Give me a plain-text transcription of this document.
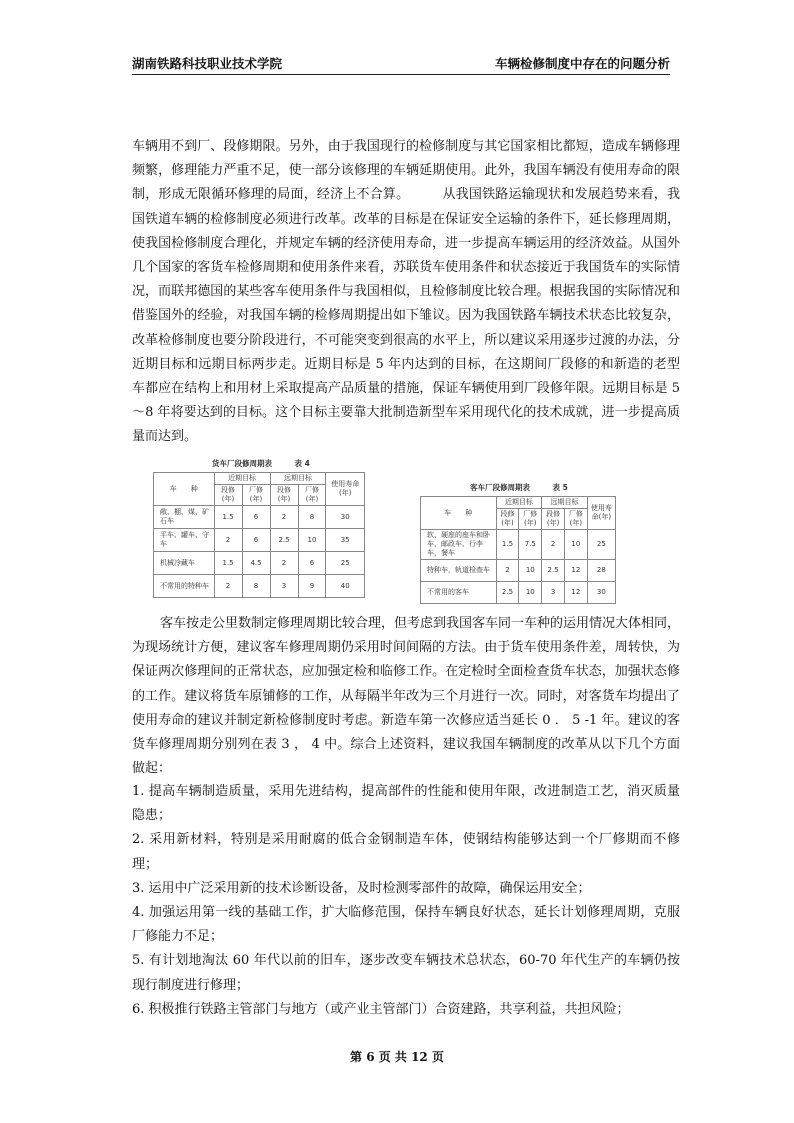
湖南铁路科技职业技术学院	车辆检修制度中存在的问题分析

车辆用不到厂、段修期限。另外，由于我国现行的检修制度与其它国家相比都短，造成车辆修理频繁，修理能力严重不足，使一部分该修理的车辆延期使用。此外，我国车辆没有使用寿命的限制，形成无限循环修理的局面，经济上不合算。　　　从我国铁路运输现状和发展趋势来看，我国铁道车辆的检修制度必须进行改革。改革的目标是在保证安全运输的条件下，延长修理周期，使我国检修制度合理化，并规定车辆的经济使用寿命，进一步提高车辆运用的经济效益。从国外几个国家的客货车检修周期和使用条件来看，苏联货车使用条件和状态接近于我国货车的实际情况，而联邦德国的某些客车使用条件与我国相似，且检修制度比较合理。根据我国的实际情况和借鉴国外的经验，对我国车辆的检修周期提出如下雏议。因为我国铁路车辆技术状态比较复杂，改革检修制度也要分阶段进行，不可能突变到很高的水平上，所以建议采用逐步过渡的办法，分近期目标和远期目标两步走。近期目标是 5 年内达到的目标，在这期间厂段修的和新造的老型车都应在结构上和用材上采取提高产品质量的措施，保证车辆使用到厂段修年限。远期目标是 5 ～8 年将要达到的目标。这个目标主要靠大批制造新型车采用现代化的技术成就，进一步提高质量而达到。

货车厂段修周期表　　　表 4
车　　种	近期目标		远期目标		使用寿命(年)
	段修(年)	厂修(年)	段修(年)	厂修(年)	
敞、棚、煤、矿石车	1.5	6	2	8	30
平车、罐车、守车	2	6	2.5	10	35
机械冷藏车	1.5	4.5	2	6	25
不常用的特种车	2	8	3	9	40
客车厂段修周期表　　　表 5
车　　种	近期目标		远期目标		使用寿命(年)
	段修(年)	厂修(年)	段修(年)	厂修(年)	
软、硬座的座车和卧车，邮政车、行李车，餐车	1.5	7.5	2	10	25
特种车，轨道检查车	2	10	2.5	12	28
不常用的客车	2.5	10	3	12	30

客车按走公里数制定修理周期比较合理，但考虑到我国客车同一车种的运用情况大体相同，为现场统计方便，建议客车修理周期仍采用时间间隔的方法。由于货车使用条件差，周转快，为保证两次修理间的正常状态，应加强定检和临修工作。在定检时全面检查货车状态，加强状态修的工作。建议将货车原铺修的工作，从每隔半年改为三个月进行一次。同时，对客货车均提出了使用寿命的建议并制定新检修制度时考虑。新造车第一次修应适当延长 0 ． 5 -1 年。建议的客货车修理周期分别列在表 3 ， 4 中。综合上述资料，建议我国车辆制度的改革从以下几个方面做起：

1. 提高车辆制造质量，采用先进结构，提高部件的性能和使用年限，改进制造工艺，消灭质量隐患；
2. 采用新材料，特别是采用耐腐的低合金钢制造车体，使钢结构能够达到一个厂修期而不修理；
3. 运用中广泛采用新的技术诊断设备，及时检测零部件的故障，确保运用安全；
4. 加强运用第一线的基础工作，扩大临修范围，保持车辆良好状态，延长计划修理周期，克服厂修能力不足；
5. 有计划地淘汰 60 年代以前的旧车，逐步改变车辆技术总状态，60-70 年代生产的车辆仍按现行制度进行修理；
6. 积极推行铁路主管部门与地方（或产业主管部门）合资建路，共享利益，共担风险；
第 6 页 共 12 页
